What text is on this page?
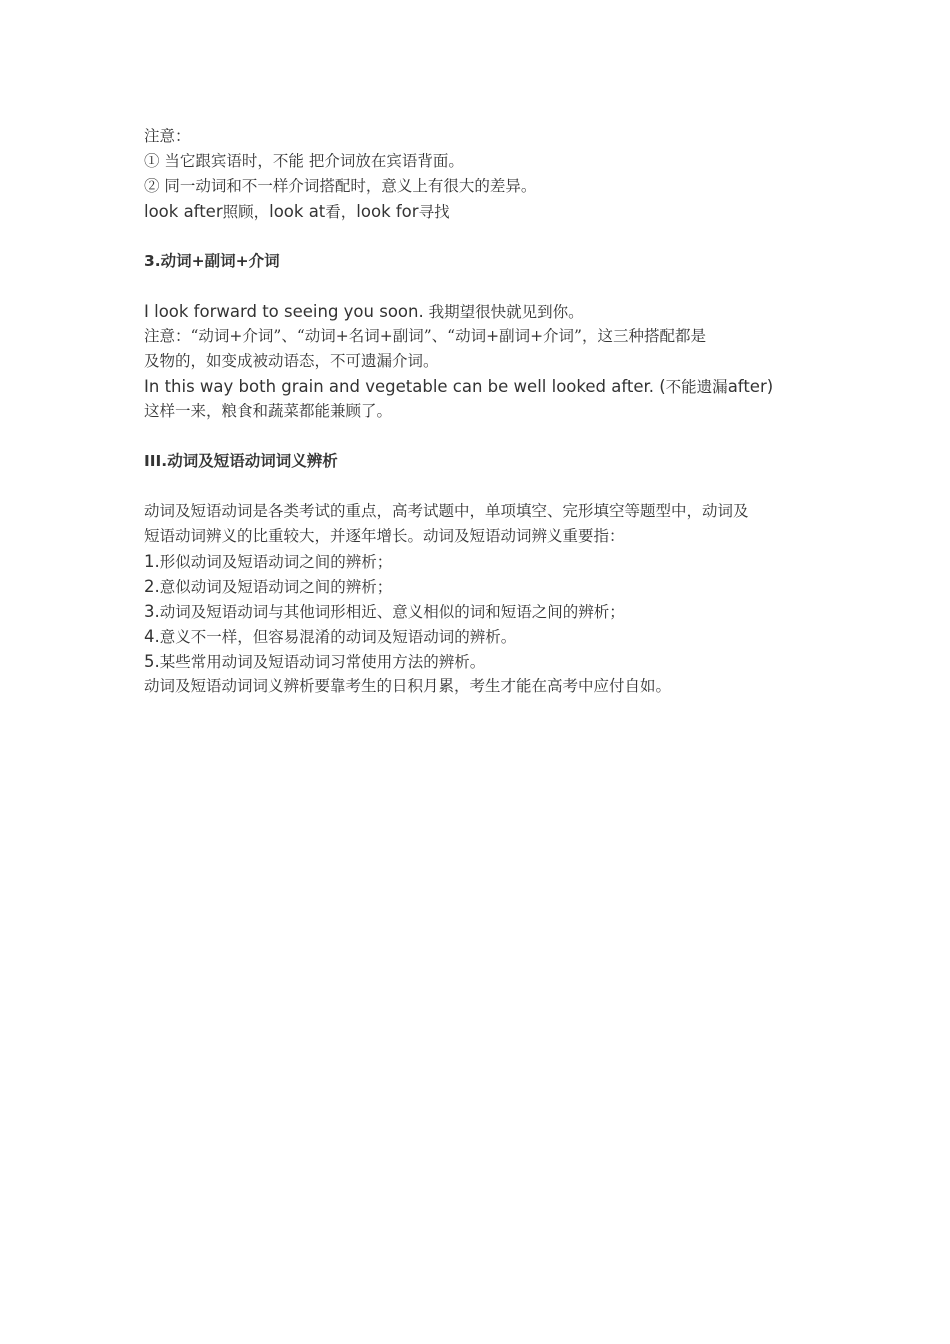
注意：
① 当它跟宾语时，不能 把介词放在宾语背面。
② 同一动词和不一样介词搭配时，意义上有很大的差异。
look after照顾，look at看，look for寻找
3.动词+副词+介词
I look forward to seeing you soon. 我期望很快就见到你。
注意：“动词+介词”、“动词+名词+副词”、“动词+副词+介词”，这三种搭配都是
及物的，如变成被动语态，不可遗漏介词。
In this way both grain and vegetable can be well looked after. (不能遗漏after)
这样一来，粮食和蔬菜都能兼顾了。
III.动词及短语动词词义辨析
动词及短语动词是各类考试的重点，高考试题中，单项填空、完形填空等题型中，动词及
短语动词辨义的比重较大，并逐年增长。动词及短语动词辨义重要指：
1.形似动词及短语动词之间的辨析；
2.意似动词及短语动词之间的辨析；
3.动词及短语动词与其他词形相近、意义相似的词和短语之间的辨析；
4.意义不一样，但容易混淆的动词及短语动词的辨析。
5.某些常用动词及短语动词习常使用方法的辨析。
动词及短语动词词义辨析要靠考生的日积月累，考生才能在高考中应付自如。
